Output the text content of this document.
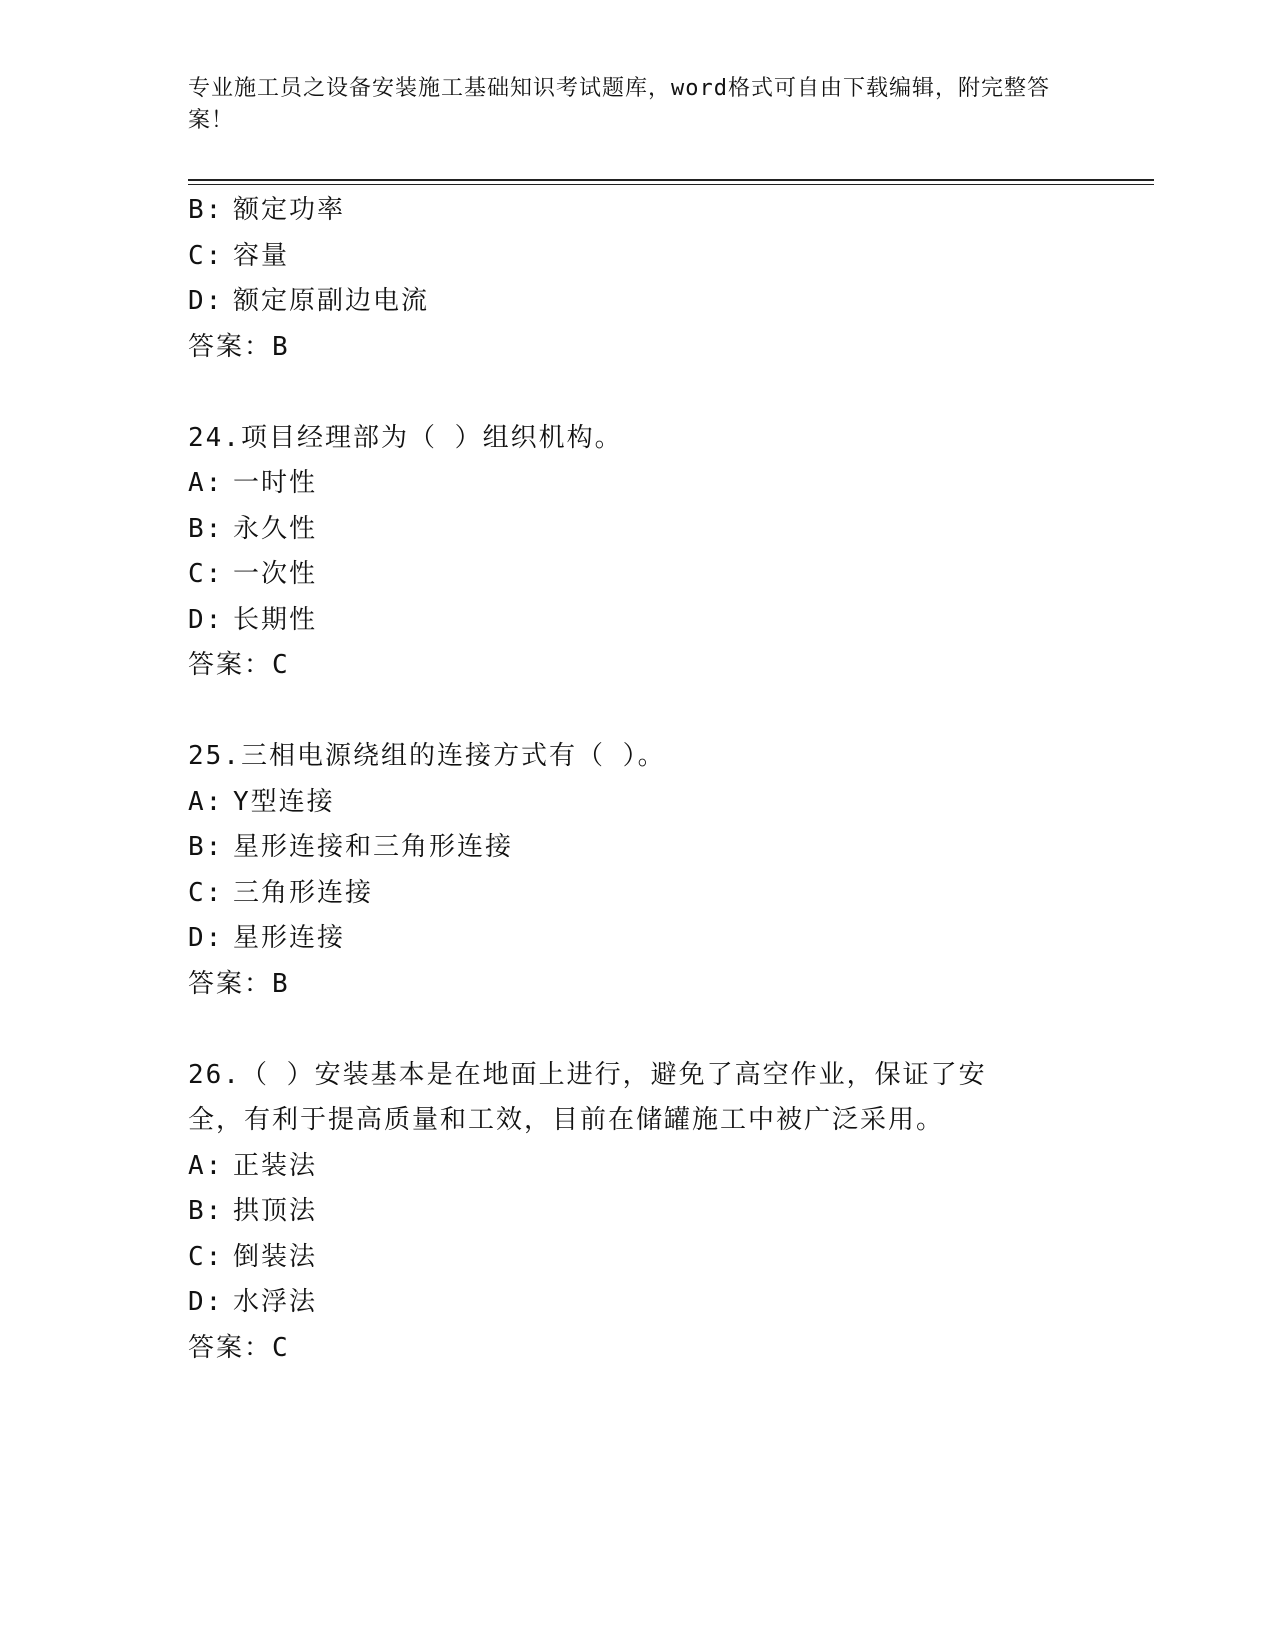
专业施工员之设备安装施工基础知识考试题库，word格式可自由下载编辑，附完整答案！
B: 额定功率
C: 容量
D: 额定原副边电流
答案：B
24.项目经理部为（ ）组织机构。
A: 一时性
B: 永久性
C: 一次性
D: 长期性
答案：C
25.三相电源绕组的连接方式有（ ）。
A: Y型连接
B: 星形连接和三角形连接
C: 三角形连接
D: 星形连接
答案：B
26.（ ）安装基本是在地面上进行，避免了高空作业，保证了安全，有利于提高质量和工效，目前在储罐施工中被广泛采用。
A: 正装法
B: 拱顶法
C: 倒装法
D: 水浮法
答案：C
